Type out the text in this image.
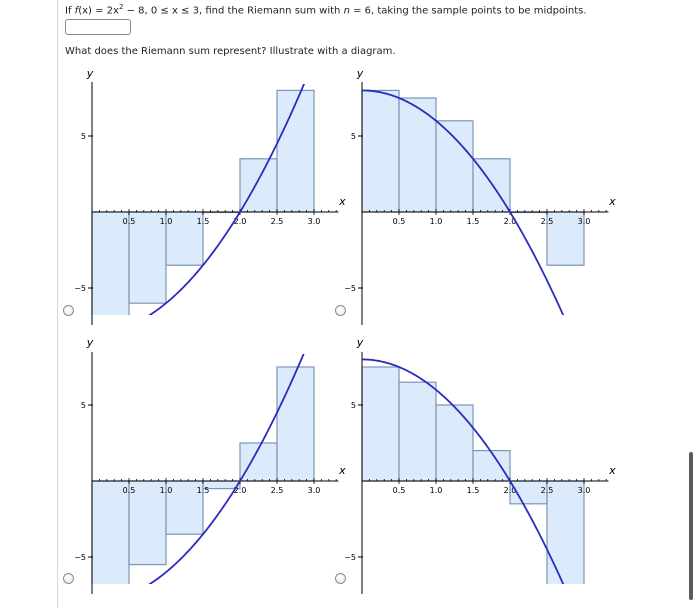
If $f(x) = 2x^2 - 8$, 0 ≤ x ≤ 3, find the Riemann sum with n = 6, taking the sample points to be midpoints.
What does the Riemann sum represent? Illustrate with a diagram.
y
5
−5
0.5	1.0	1.5	2.0	2.5	3.0
x
y
5
−5
0.5	1.0	1.5	2.0	2.5	3.0
x
y
5
−5
0.5	1.0	1.5	2.0	2.5	3.0
x
y
5
−5
0.5	1.0	1.5	2.0	2.5	3.0
x
